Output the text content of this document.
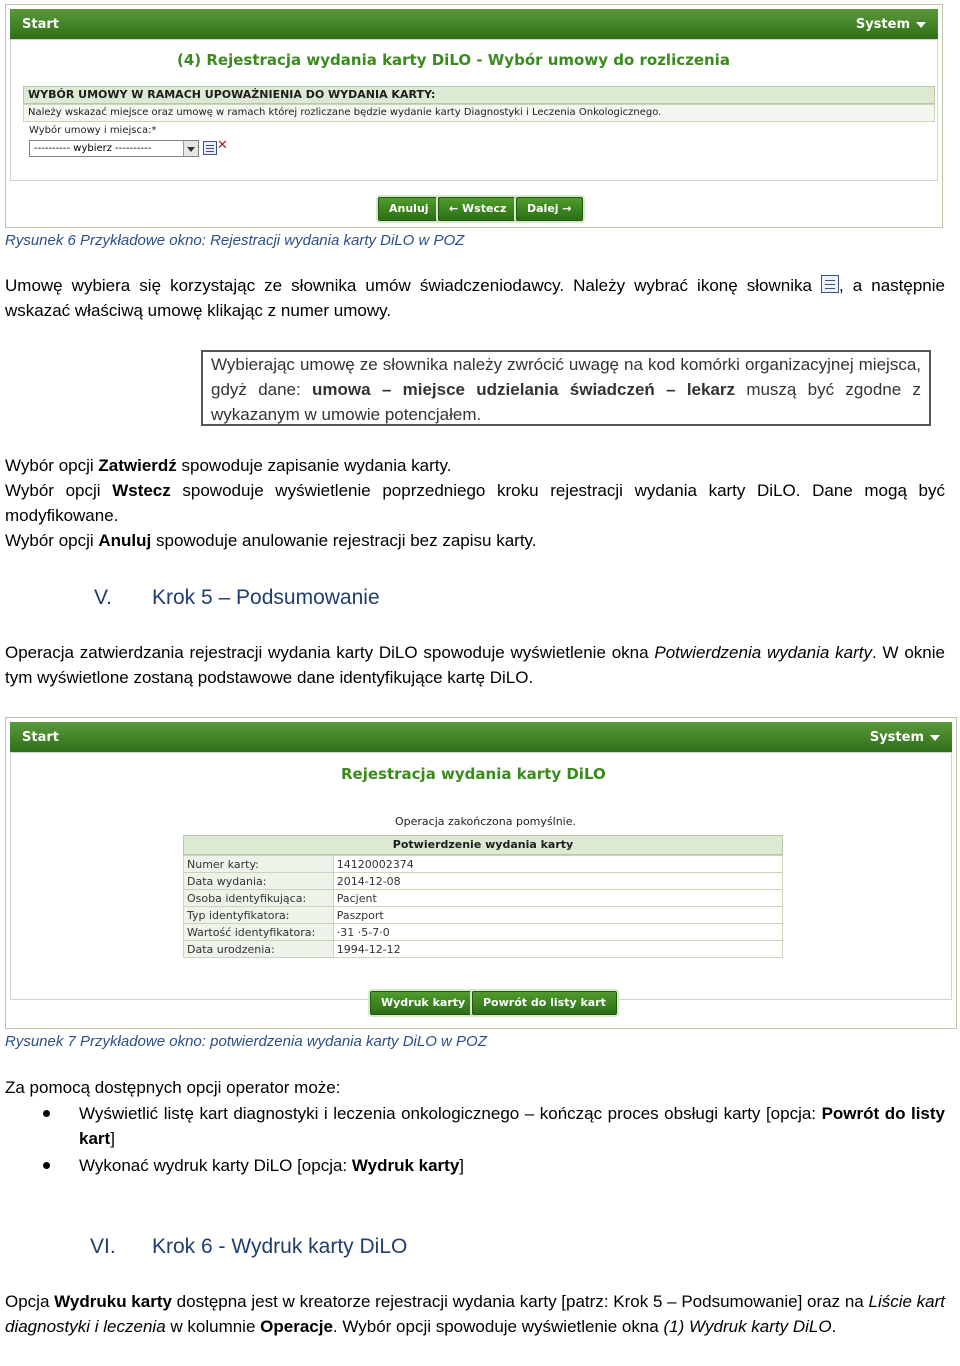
Start	System
(4) Rejestracja wydania karty DiLO - Wybór umowy do rozliczenia
WYBÓR UMOWY W RAMACH UPOWAŻNIENIA DO WYDANIA KARTY:
Należy wskazać miejsce oraz umowę w ramach której rozliczane będzie wydanie karty Diagnostyki i Leczenia Onkologicznego.
Wybór umowy i miejsca:*
---------- wybierz ----------	✕
Anuluj	← Wstecz	Dalej →
Rysunek 6 Przykładowe okno: Rejestracji wydania karty DiLO w POZ
Umowę wybiera się korzystając ze słownika umów świadczeniodawcy. Należy wybrać ikonę słownika
, a następnie wskazać właściwą umowę klikając z numer umowy.
Wybierając umowę ze słownika należy zwrócić uwagę na kod komórki organizacyjnej miejsca, gdyż dane: umowa – miejsce udzielania świadczeń – lekarz muszą być zgodne z wykazanym w umowie potencjałem.
Wybór opcji Zatwierdź spowoduje zapisanie wydania karty.
Wybór opcji Wstecz spowoduje wyświetlenie poprzedniego kroku rejestracji wydania karty DiLO. Dane mogą być modyfikowane.
Wybór opcji Anuluj spowoduje anulowanie rejestracji bez zapisu karty.
V. Krok 5 – Podsumowanie
Operacja zatwierdzania rejestracji wydania karty DiLO spowoduje wyświetlenie okna Potwierdzenia wydania karty. W oknie tym wyświetlone zostaną podstawowe dane identyfikujące kartę DiLO.
Start	System
Rejestracja wydania karty DiLO
Operacja zakończona pomyślnie.
Potwierdzenie wydania karty
Numer karty:	14120002374
Data wydania:	2014-12-08
Osoba identyfikująca:	Pacjent
Typ identyfikatora:	Paszport
Wartość identyfikatora:	·31 ·5-7·0
Data urodzenia:	1994-12-12
Wydruk karty	Powrót do listy kart
Rysunek 7 Przykładowe okno: potwierdzenia wydania karty DiLO w POZ
Za pomocą dostępnych opcji operator może:
Wyświetlić listę kart diagnostyki i leczenia onkologicznego – kończąc proces obsługi karty [opcja: Powrót do listy kart]
Wykonać wydruk karty DiLO [opcja: Wydruk karty]
VI. Krok 6 - Wydruk karty DiLO
Opcja Wydruku karty dostępna jest w kreatorze rejestracji wydania karty [patrz: Krok 5 – Podsumowanie] oraz na Liście kart diagnostyki i leczenia w kolumnie Operacje. Wybór opcji spowoduje wyświetlenie okna (1) Wydruk karty DiLO.
